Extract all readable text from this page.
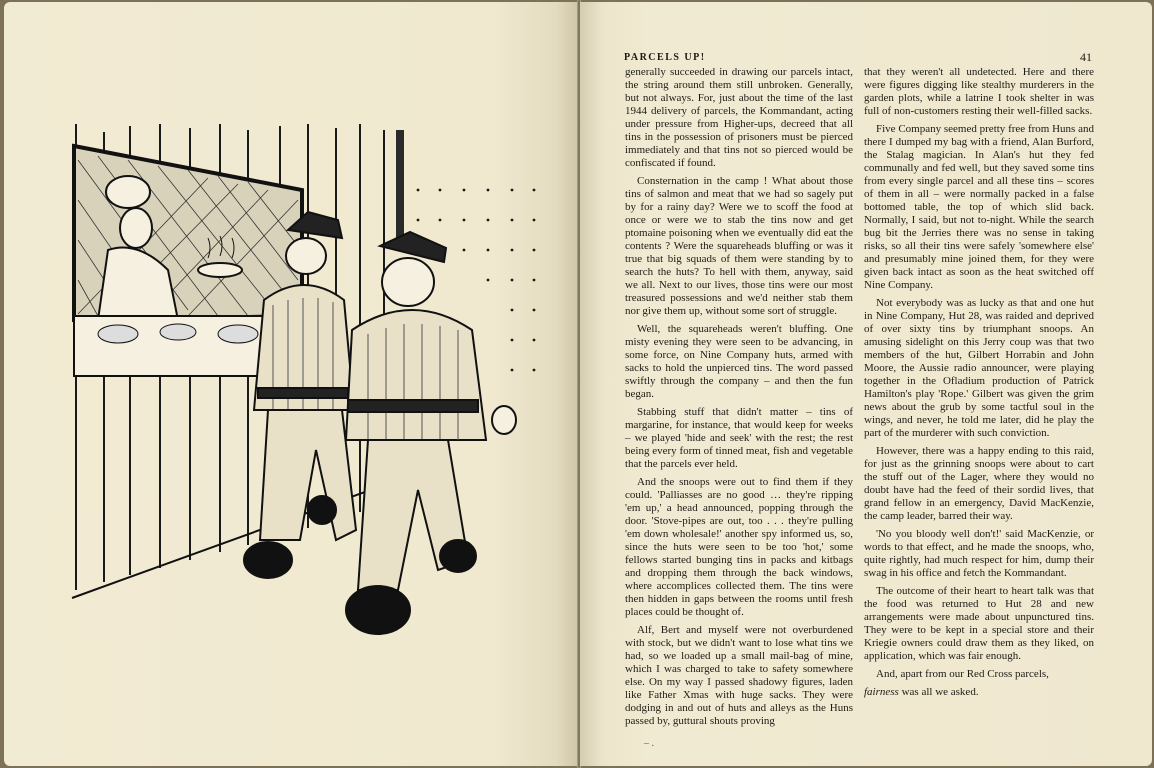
PARCELS UP!	41

generally succeeded in drawing our parcels intact, the string around them still unbroken. Generally, but not always. For, just about the time of the last 1944 delivery of parcels, the Kommandant, acting under pressure from Higher-ups, decreed that all tins in the possession of prisoners must be pierced immediately and that tins not so pierced would be confiscated if found.

Consternation in the camp ! What about those tins of salmon and meat that we had so sagely put by for a rainy day? Were we to scoff the food at once or were we to stab the tins now and get ptomaine poisoning when we eventually did eat the contents ? Were the squareheads bluffing or was it true that big squads of them were standing by to search the huts? To hell with them, anyway, said we all. Next to our lives, those tins were our most treasured possessions and we'd neither stab them nor give them up, without some sort of struggle.

Well, the squareheads weren't bluffing. One misty evening they were seen to be advancing, in some force, on Nine Company huts, armed with sacks to hold the unpierced tins. The word passed swiftly through the company – and then the fun began.

Stabbing stuff that didn't matter – tins of margarine, for instance, that would keep for weeks – we played 'hide and seek' with the rest; the rest being every form of tinned meat, fish and vegetable that the parcels ever held.

And the snoops were out to find them if they could. 'Palliasses are no good … they're ripping 'em up,' a head announced, popping through the door. 'Stove-pipes are out, too . . . they're pulling 'em down wholesale!' another spy informed us, so, since the huts were seen to be too 'hot,' some fellows started bunging tins in packs and kitbags and dropping them through the back windows, where accomplices collected them. The tins were then hidden in gaps between the rooms until fresh places could be thought of.

Alf, Bert and myself were not overburdened with stock, but we didn't want to lose what tins we had, so we loaded up a small mail-bag of mine, which I was charged to take to safety somewhere else. On my way I passed shadowy figures, laden like Father Xmas with huge sacks. They were dodging in and out of huts and alleys as the Huns passed by, guttural shouts proving

that they weren't all undetected. Here and there were figures digging like stealthy murderers in the garden plots, while a latrine I took shelter in was full of non-customers resting their well-filled sacks.

Five Company seemed pretty free from Huns and there I dumped my bag with a friend, Alan Burford, the Stalag magician. In Alan's hut they fed communally and fed well, but they saved some tins from every single parcel and all these tins – scores of them in all – were normally packed in a false bottomed table, the top of which slid back. Normally, I said, but not to-night. While the search bug bit the Jerries there was no sense in taking risks, so all their tins were safely 'somewhere else' and presumably mine joined them, for they were given back intact as soon as the heat switched off Nine Company.

Not everybody was as lucky as that and one hut in Nine Company, Hut 28, was raided and deprived of over sixty tins by triumphant snoops. An amusing sidelight on this Jerry coup was that two members of the hut, Gilbert Horrabin and John Moore, the Aussie radio announcer, were playing together in the Ofladium production of Patrick Hamilton's play 'Rope.' Gilbert was given the grim news about the grub by some tactful soul in the wings, and never, he told me later, did he play the part of the murderer with such conviction.

However, there was a happy ending to this raid, for just as the grinning snoops were about to cart the stuff out of the Lager, where they would no doubt have had the feed of their sordid lives, that grand fellow in an emergency, David MacKenzie, the camp leader, barred their way.

'No you bloody well don't!' said MacKenzie, or words to that effect, and he made the snoops, who, quite rightly, had much respect for him, dump their swag in his office and fetch the Kommandant.

The outcome of their heart to heart talk was that the food was returned to Hut 28 and new arrangements were made about unpunctured tins. They were to be kept in a special store and their Kriegie owners could draw them as they liked, on application, which was fair enough.

And, apart from our Red Cross parcels,

fairness was all we asked.

– .
